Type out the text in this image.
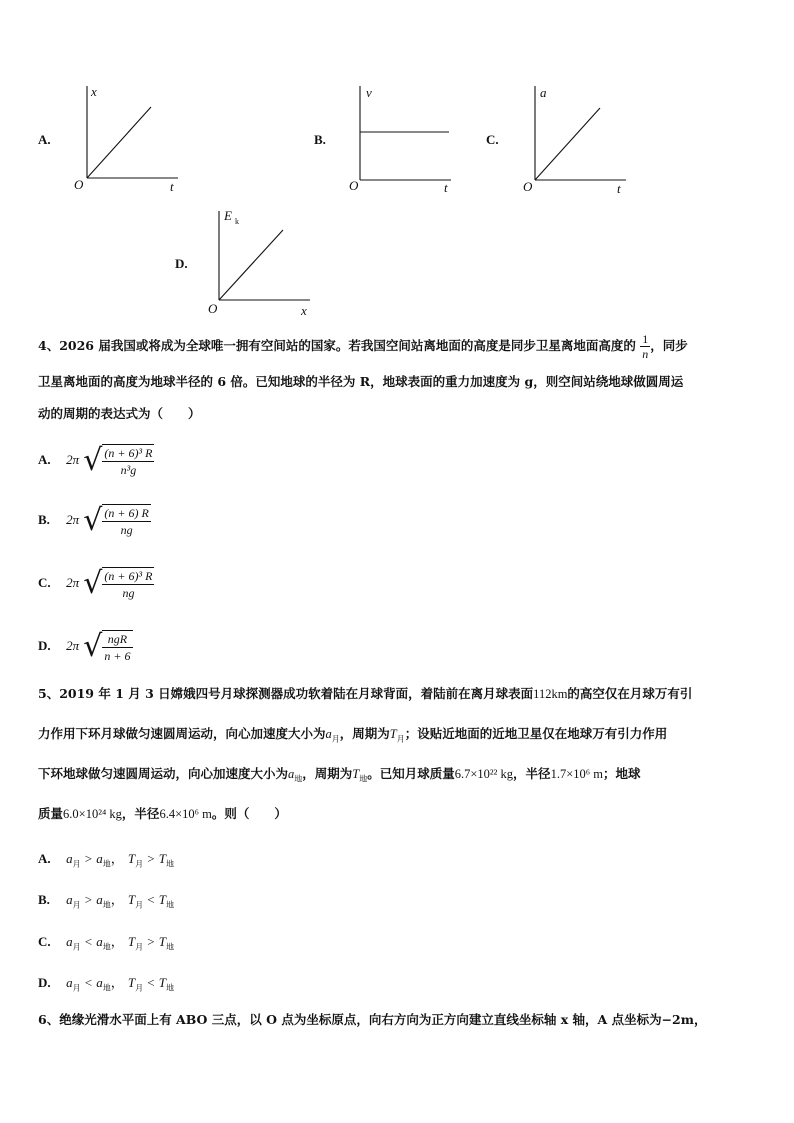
A.
x
t
O
B.
v
t
O
C.
a
t
O
D.
E k
x
O
4、2026 届我国或将成为全球唯一拥有空间站的国家。若我国空间站离地面的高度是同步卫星离地面高度的 $\frac{1}{n}$ ，同步
卫星离地面的高度为地球半径的 6 倍。已知地球的半径为 R，地球表面的重力加速度为 g，则空间站绕地球做圆周运
动的周期的表达式为（　　）
A. 2π √ $\frac{\text{(n + 6)³ R}}{\text{n³g}}$
B. 2π √ $\frac{(n + 6) R}{ng}$
C. 2π √ $\frac{\text{(n + 6)³ R}}{ng}$
D. 2π √ $\frac{\text{ngR}}{n + 6}$
5、2019 年 1 月 3 日嫦娥四号月球探测器成功软着陆在月球背面，着陆前在离月球表面112km的高空仅在月球万有引
力作用下环月球做匀速圆周运动，向心加速度大小为$a_月$，周期为$T_月$；设贴近地面的近地卫星仅在地球万有引力作用
下环地球做匀速圆周运动，向心加速度大小为$a_地$，周期为$T_地$。已知月球质量6.7×10²² kg，半径1.7×10⁶ m；地球
质量6.0×10²⁴ kg，半径6.4×10⁶ m。则（　　）
A. $a_月 > a_地$， $T_月 > T_地$
B. $a_月 > a_地$， $T_月 < T_地$
C. $a_月 < a_地$， $T_月 > T_地$
D. $a_月 < a_地$， $T_月 < T_地$
6、绝缘光滑水平面上有 ABO 三点，以 O 点为坐标原点，向右方向为正方向建立直线坐标轴 x 轴，A 点坐标为−2m，
